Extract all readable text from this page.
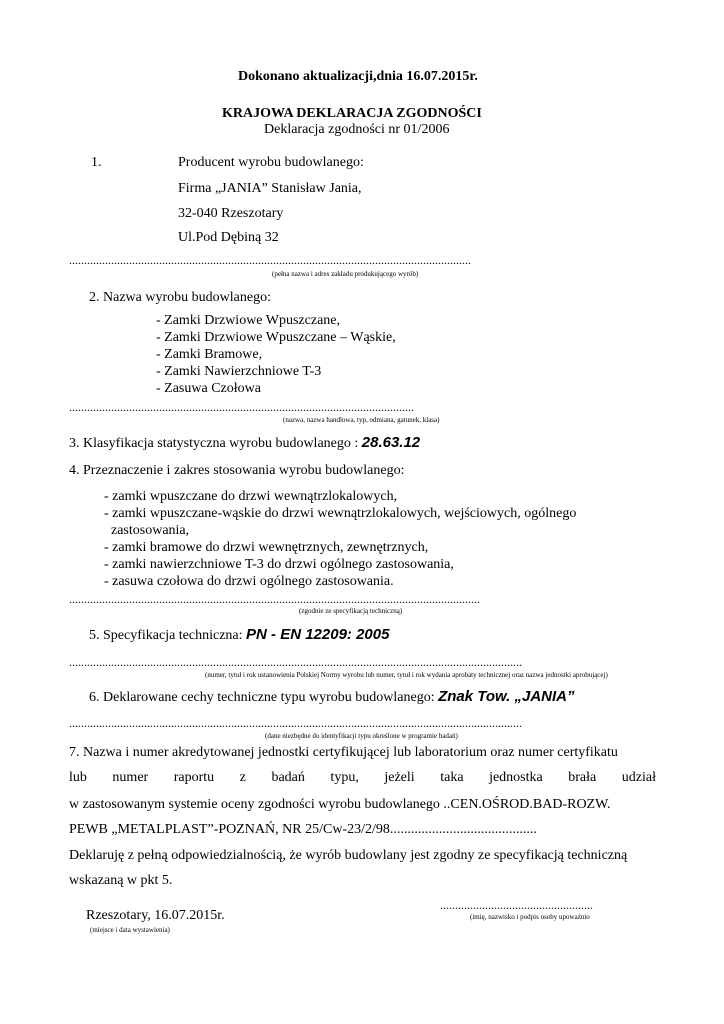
Dokonano aktualizacji,dnia 16.07.2015r.
KRAJOWA DEKLARACJA ZGODNOŚCI
Deklaracja zgodności nr 01/2006
1.	Producent wyrobu budowlanego:
Firma „JANIA” Stanisław Jania,
32-040 Rzeszotary
Ul.Pod Dębiną 32
......................................................................................................................................
(pełna nazwa i adres zakładu produkującego wyrób)
2. Nazwa wyrobu budowlanego:
- Zamki Drzwiowe Wpuszczane,
- Zamki Drzwiowe Wpuszczane – Wąskie,
- Zamki Bramowe,
- Zamki Nawierzchniowe T-3
- Zasuwa Czołowa
...................................................................................................................
(nazwa, nazwa handlowa, typ, odmiana, gatunek, klasa)
3. Klasyfikacja statystyczna wyrobu budowlanego : 28.63.12
4. Przeznaczenie i zakres stosowania wyrobu budowlanego:
- zamki wpuszczane do drzwi wewnątrzlokalowych,
- zamki wpuszczane-wąskie do drzwi wewnątrzlokalowych, wejściowych, ogólnego
zastosowania,
- zamki bramowe do drzwi wewnętrznych, zewnętrznych,
- zamki nawierzchniowe T-3 do drzwi ogólnego zastosowania,
- zasuwa czołowa do drzwi ogólnego zastosowania.
.........................................................................................................................................
(zgodnie ze specyfikacją techniczną)
5. Specyfikacja techniczna: PN - EN 12209: 2005
.......................................................................................................................................................
(numer, tytuł i rok ustanowienia Polskiej Normy wyrobu lub numer, tytuł i rok wydania aprobaty technicznej oraz nazwa jednostki aprobującej)
6. Deklarowane cechy techniczne typu wyrobu budowlanego: Znak Tow. „JANIA”
.......................................................................................................................................................
(dane niezbędne do identyfikacji typu określone w programie badań)
7. Nazwa i numer akredytowanej jednostki certyfikującej lub laboratorium oraz numer certyfikatu
lub numer raportu z badań typu, jeżeli taka jednostka brała udział
w zastosowanym systemie oceny zgodności wyrobu budowlanego ..CEN.OŚROD.BAD-ROZW.
PEWB „METALPLAST”-POZNAŃ, NR 25/Cw-23/2/98..........................................
Deklaruję z pełną odpowiedzialnością, że wyrób budowlany jest zgodny ze specyfikacją techniczną
wskazaną w pkt 5.
Rzeszotary, 16.07.2015r.
(miejsce i data wystawienia)
...................................................
(imię, nazwisko i podpis osoby upoważnio
